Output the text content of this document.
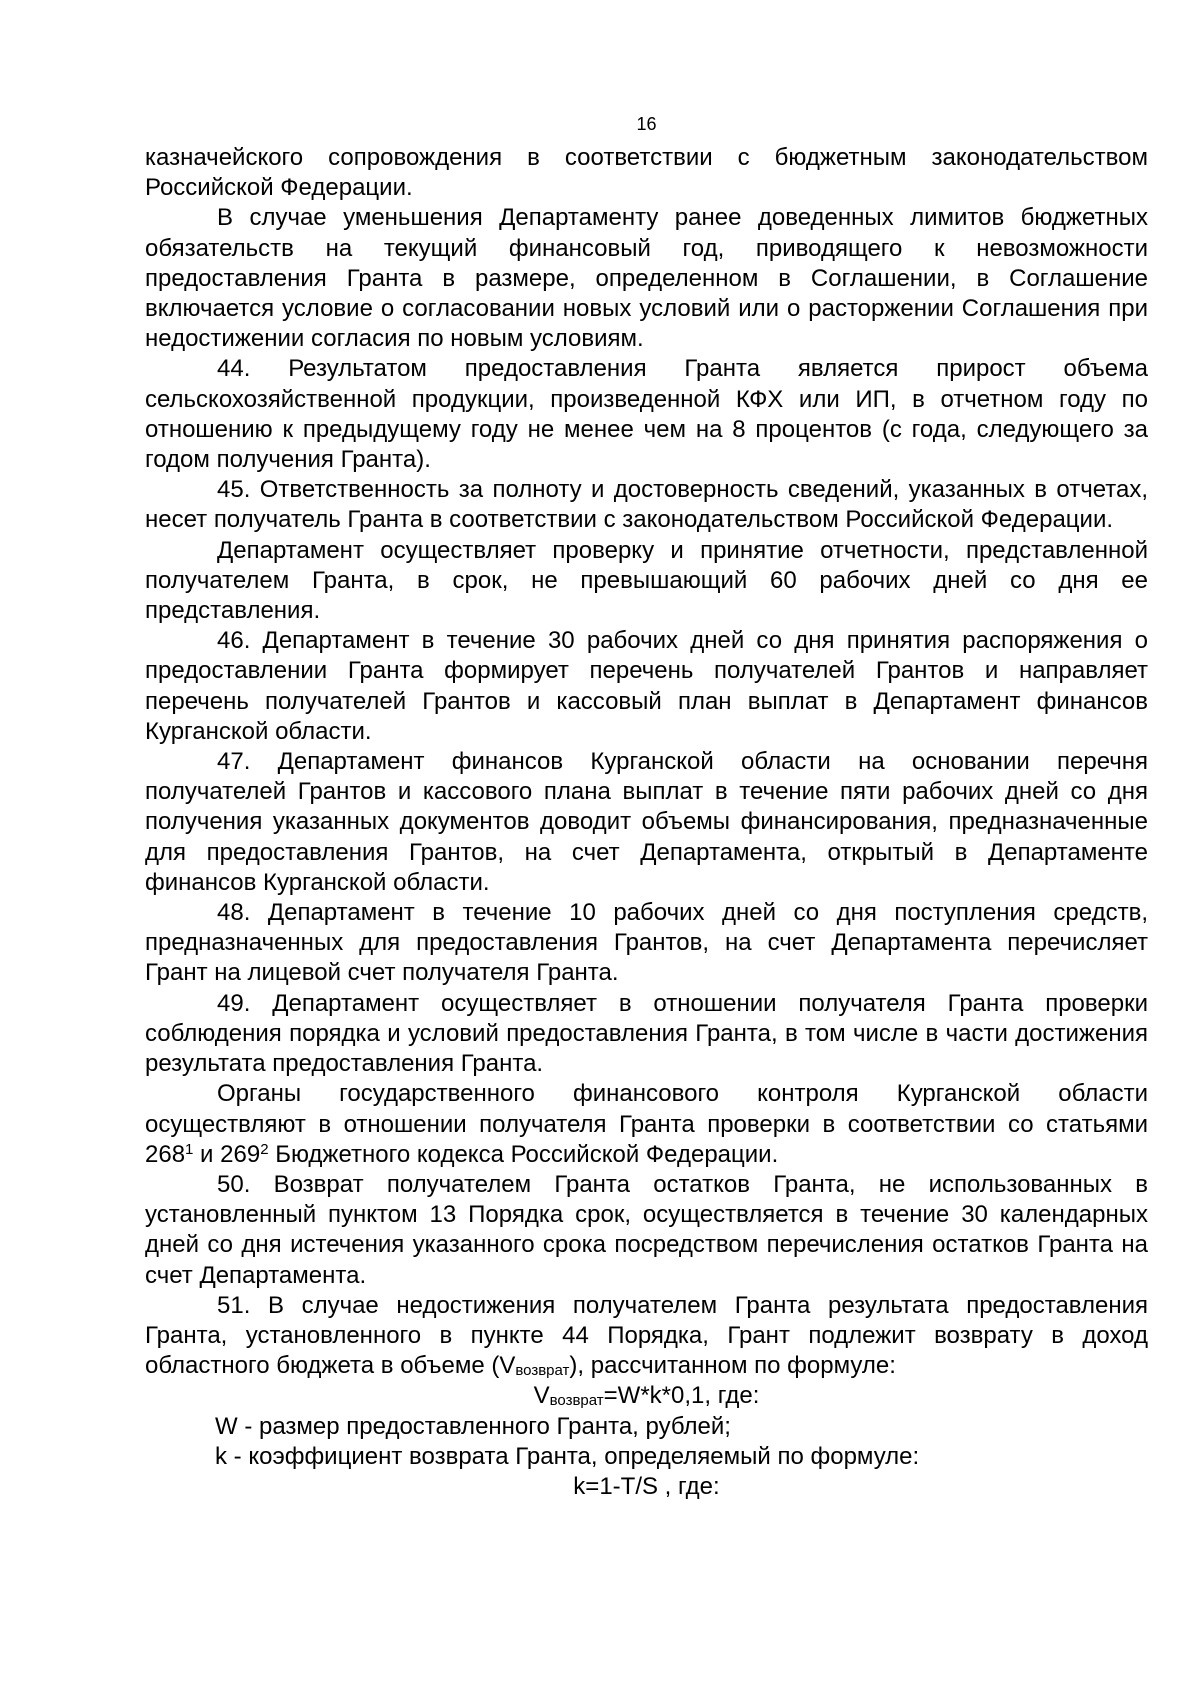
16

казначейского сопровождения в соответствии с бюджетным законодательством Российской Федерации.

В случае уменьшения Департаменту ранее доведенных лимитов бюджетных обязательств на текущий финансовый год, приводящего к невозможности предоставления Гранта в размере, определенном в Соглашении, в Соглашение включается условие о согласовании новых условий или о расторжении Соглашения при недостижении согласия по новым условиям.

44. Результатом предоставления Гранта является прирост объема сельскохозяйственной продукции, произведенной КФХ или ИП, в отчетном году по отношению к предыдущему году не менее чем на 8 процентов (с года, следующего за годом получения Гранта).

45. Ответственность за полноту и достоверность сведений, указанных в отчетах, несет получатель Гранта в соответствии с законодательством Российской Федерации.

Департамент осуществляет проверку и принятие отчетности, представленной получателем Гранта, в срок, не превышающий 60 рабочих дней со дня ее представления.

46. Департамент в течение 30 рабочих дней со дня принятия распоряжения о предоставлении Гранта формирует перечень получателей Грантов и направляет перечень получателей Грантов и кассовый план выплат в Департамент финансов Курганской области.

47. Департамент финансов Курганской области на основании перечня получателей Грантов и кассового плана выплат в течение пяти рабочих дней со дня получения указанных документов доводит объемы финансирования, предназначенные для предоставления Грантов, на счет Департамента, открытый в Департаменте финансов Курганской области.

48. Департамент в течение 10 рабочих дней со дня поступления средств, предназначенных для предоставления Грантов, на счет Департамента перечисляет Грант на лицевой счет получателя Гранта.

49. Департамент осуществляет в отношении получателя Гранта проверки соблюдения порядка и условий предоставления Гранта, в том числе в части достижения результата предоставления Гранта.

Органы государственного финансового контроля Курганской области осуществляют в отношении получателя Гранта проверки в соответствии со статьями $268^1$ и $269^2$ Бюджетного кодекса Российской Федерации.

50. Возврат получателем Гранта остатков Гранта, не использованных в установленный пунктом 13 Порядка срок, осуществляется в течение 30 календарных дней со дня истечения указанного срока посредством перечисления остатков Гранта на счет Департамента.

51. В случае недостижения получателем Гранта результата предоставления Гранта, установленного в пункте 44 Порядка, Грант подлежит возврату в доход областного бюджета в объеме $(V_{возврат})$, рассчитанном по формуле:

$V_{возврат}=W*k*0,1$, где:

W - размер предоставленного Гранта, рублей;

k - коэффициент возврата Гранта, определяемый по формуле:

k=1-T/S , где:
